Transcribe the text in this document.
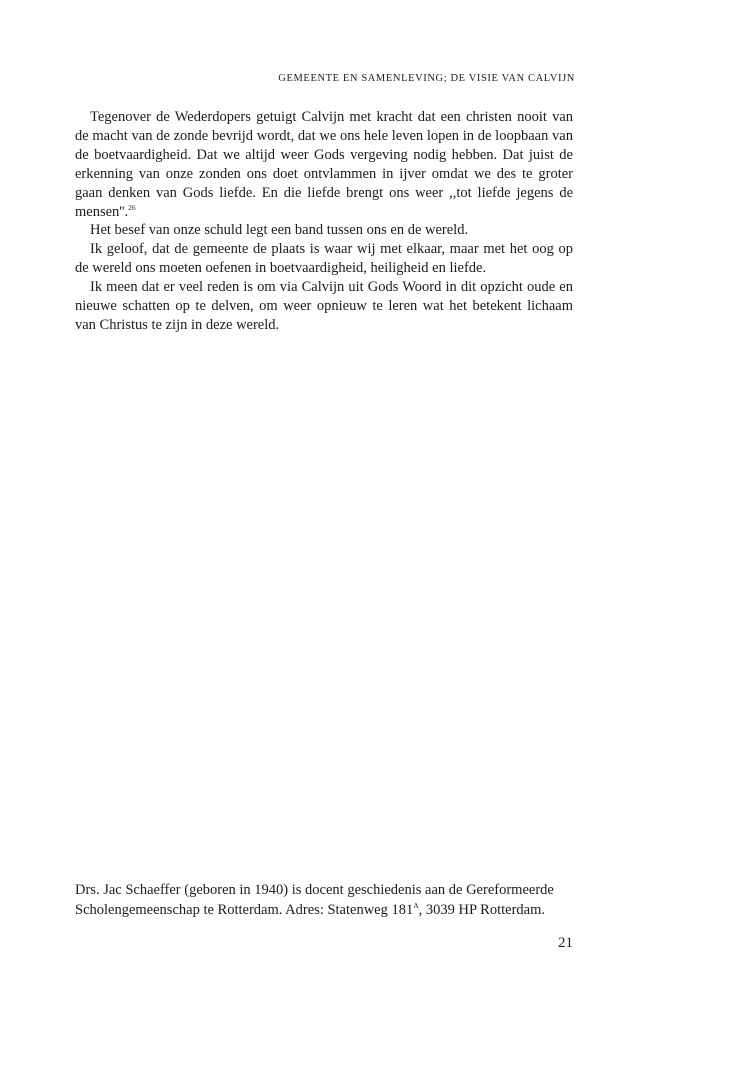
GEMEENTE EN SAMENLEVING; DE VISIE VAN CALVIJN

Tegenover de Wederdopers getuigt Calvijn met kracht dat een christen nooit van de macht van de zonde bevrijd wordt, dat we ons hele leven lopen in de loopbaan van de boetvaardigheid. Dat we altijd weer Gods vergeving nodig hebben. Dat juist de erkenning van onze zonden ons doet ontvlammen in ijver omdat we des te groter gaan denken van Gods liefde. En die liefde brengt ons weer ,,tot liefde jegens de mensen''.$^{26}$

Het besef van onze schuld legt een band tussen ons en de wereld.

Ik geloof, dat de gemeente de plaats is waar wij met elkaar, maar met het oog op de wereld ons moeten oefenen in boetvaardigheid, heiligheid en liefde.

Ik meen dat er veel reden is om via Calvijn uit Gods Woord in dit opzicht oude en nieuwe schatten op te delven, om weer opnieuw te leren wat het betekent lichaam van Christus te zijn in deze wereld.

Drs. Jac Schaeffer (geboren in 1940) is docent geschiedenis aan de Gereformeerde Scholengemeenschap te Rotterdam. Adres: Statenweg $181^A$, 3039 HP Rotterdam.

21
